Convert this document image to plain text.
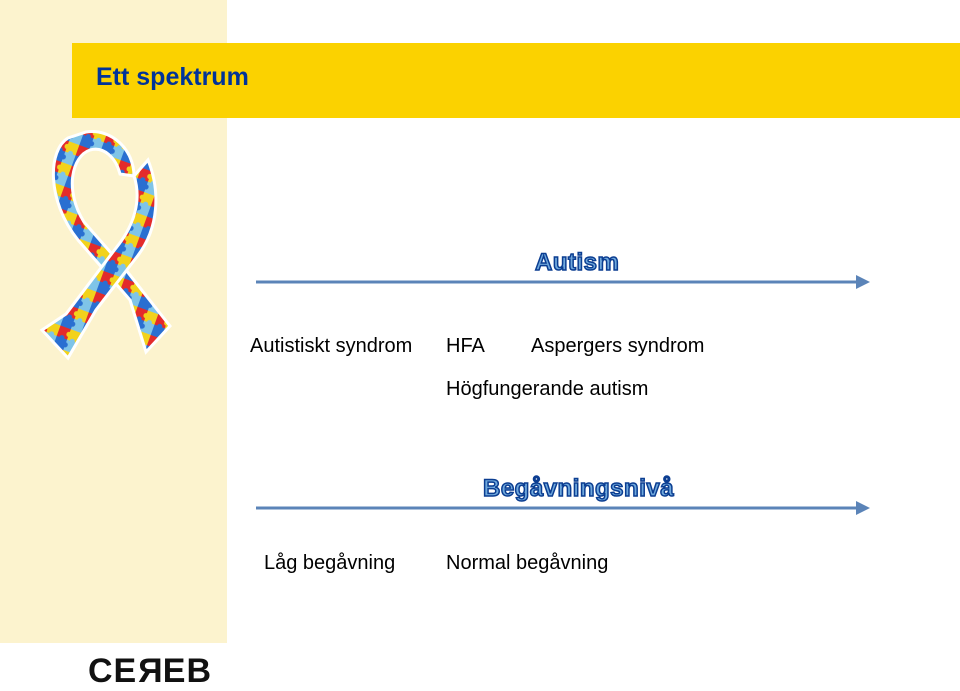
Ett spektrum
Autism
Autistiskt syndrom HFA Aspergers syndrom
Högfungerande autism
Begåvningsnivå
Låg begåvning	Normal begåvning
CEREB
